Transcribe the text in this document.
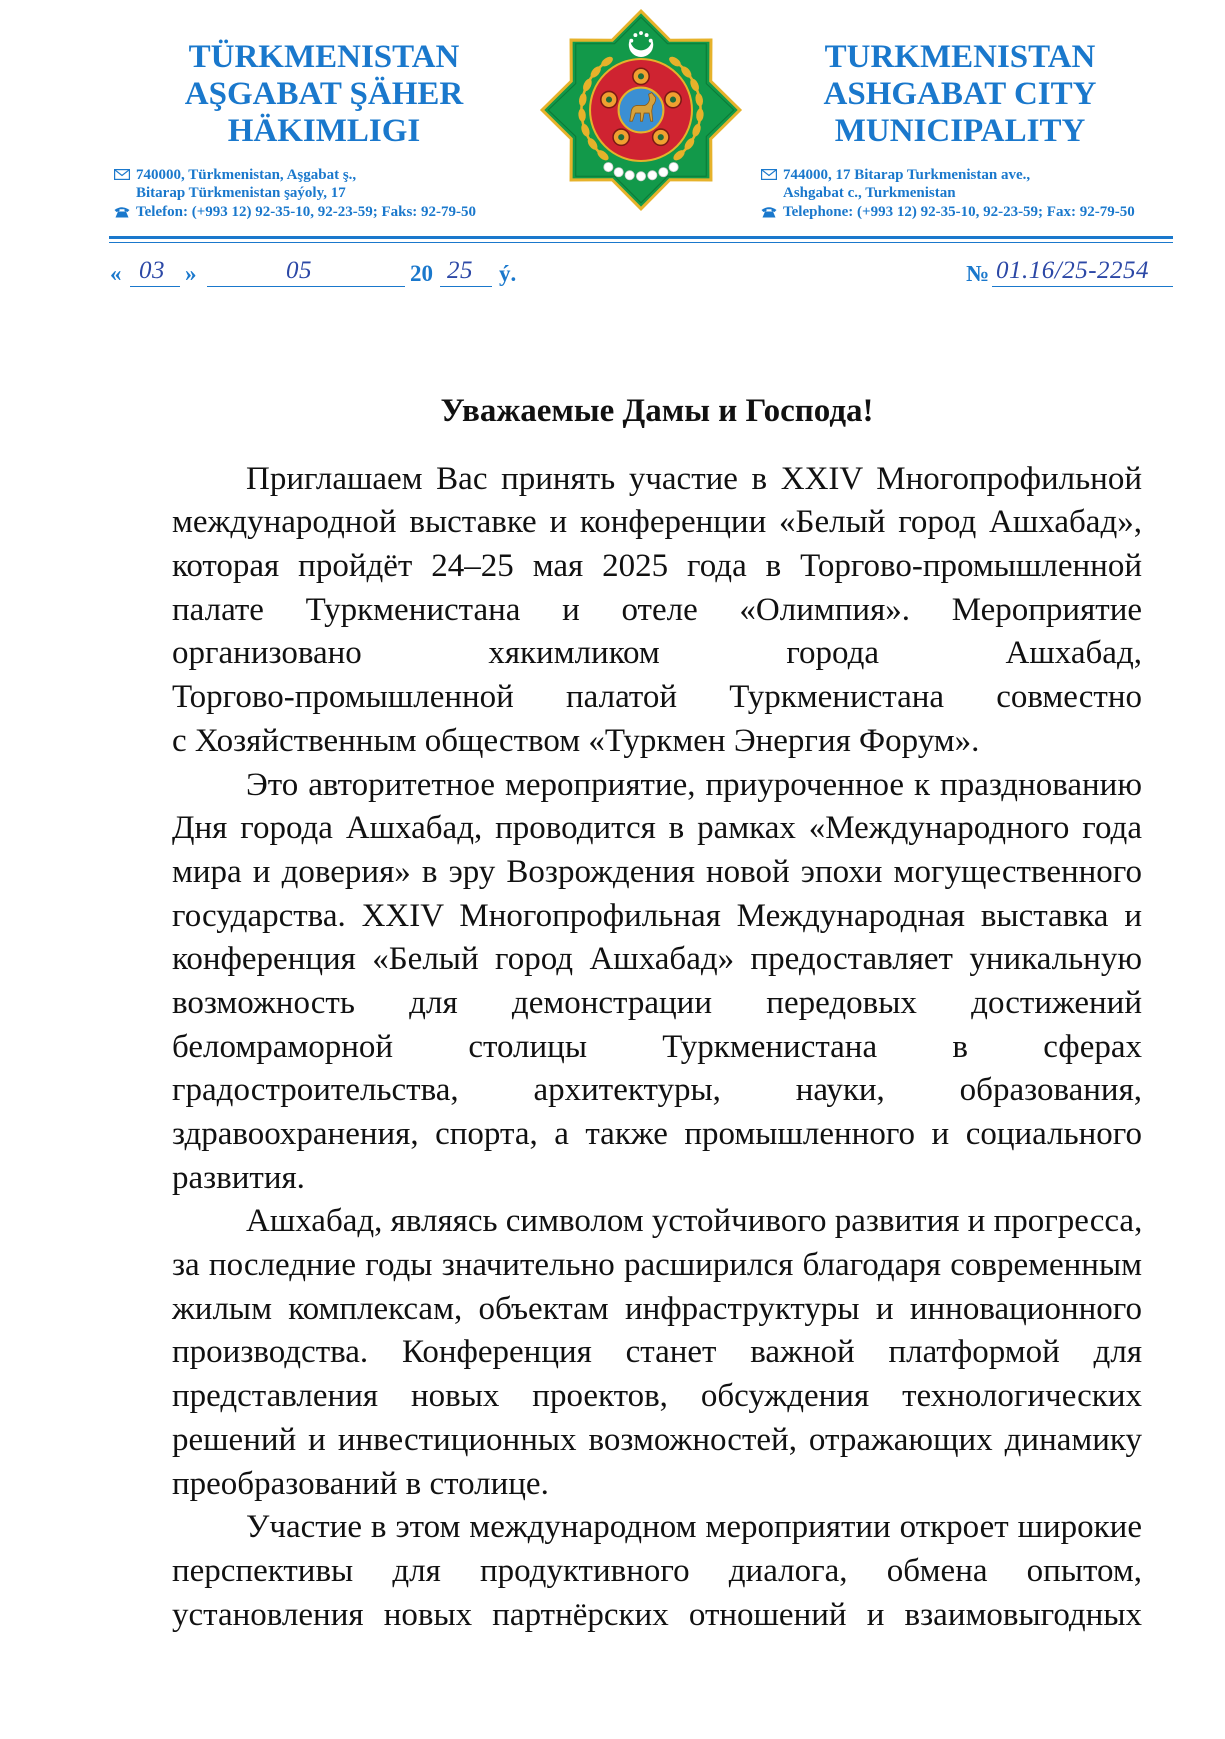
TÜRKMENISTAN
AŞGABAT ŞÄHER
HÄKIMLIGI
TURKMENISTAN
ASHGABAT CITY
MUNICIPALITY
740000, Türkmenistan, Aşgabat ş.,
Bitarap Türkmenistan şaýoly, 17
Telefon: (+993 12) 92-35-10, 92-23-59; Faks: 92-79-50
744000, 17 Bitarap Turkmenistan ave.,
Ashgabat c., Turkmenistan
Telephone: (+993 12) 92-35-10, 92-23-59; Fax: 92-79-50
« 03 »	05	20 25 ý.	№ 01.16/25-2254
Уважаемые Дамы и Господа!
Приглашаем Вас принять участие в XXIV Многопрофильной
международной выставке и конференции «Белый город Ашхабад»,
которая пройдёт 24–25 мая 2025 года в Торгово-промышленной
палате Туркменистана и отеле «Олимпия». Мероприятие
организовано хякимликом города Ашхабад,
Торгово-промышленной палатой Туркменистана совместно
с Хозяйственным обществом «Туркмен Энергия Форум».
Это авторитетное мероприятие, приуроченное к празднованию
Дня города Ашхабад, проводится в рамках «Международного года
мира и доверия» в эру Возрождения новой эпохи могущественного
государства. XXIV Многопрофильная Международная выставка и
конференция «Белый город Ашхабад» предоставляет уникальную
возможность для демонстрации передовых достижений
беломраморной столицы Туркменистана в сферах
градостроительства, архитектуры, науки, образования,
здравоохранения, спорта, а также промышленного и социального
развития.
Ашхабад, являясь символом устойчивого развития и прогресса,
за последние годы значительно расширился благодаря современным
жилым комплексам, объектам инфраструктуры и инновационного
производства. Конференция станет важной платформой для
представления новых проектов, обсуждения технологических
решений и инвестиционных возможностей, отражающих динамику
преобразований в столице.
Участие в этом международном мероприятии откроет широкие
перспективы для продуктивного диалога, обмена опытом,
установления новых партнёрских отношений и взаимовыгодных
